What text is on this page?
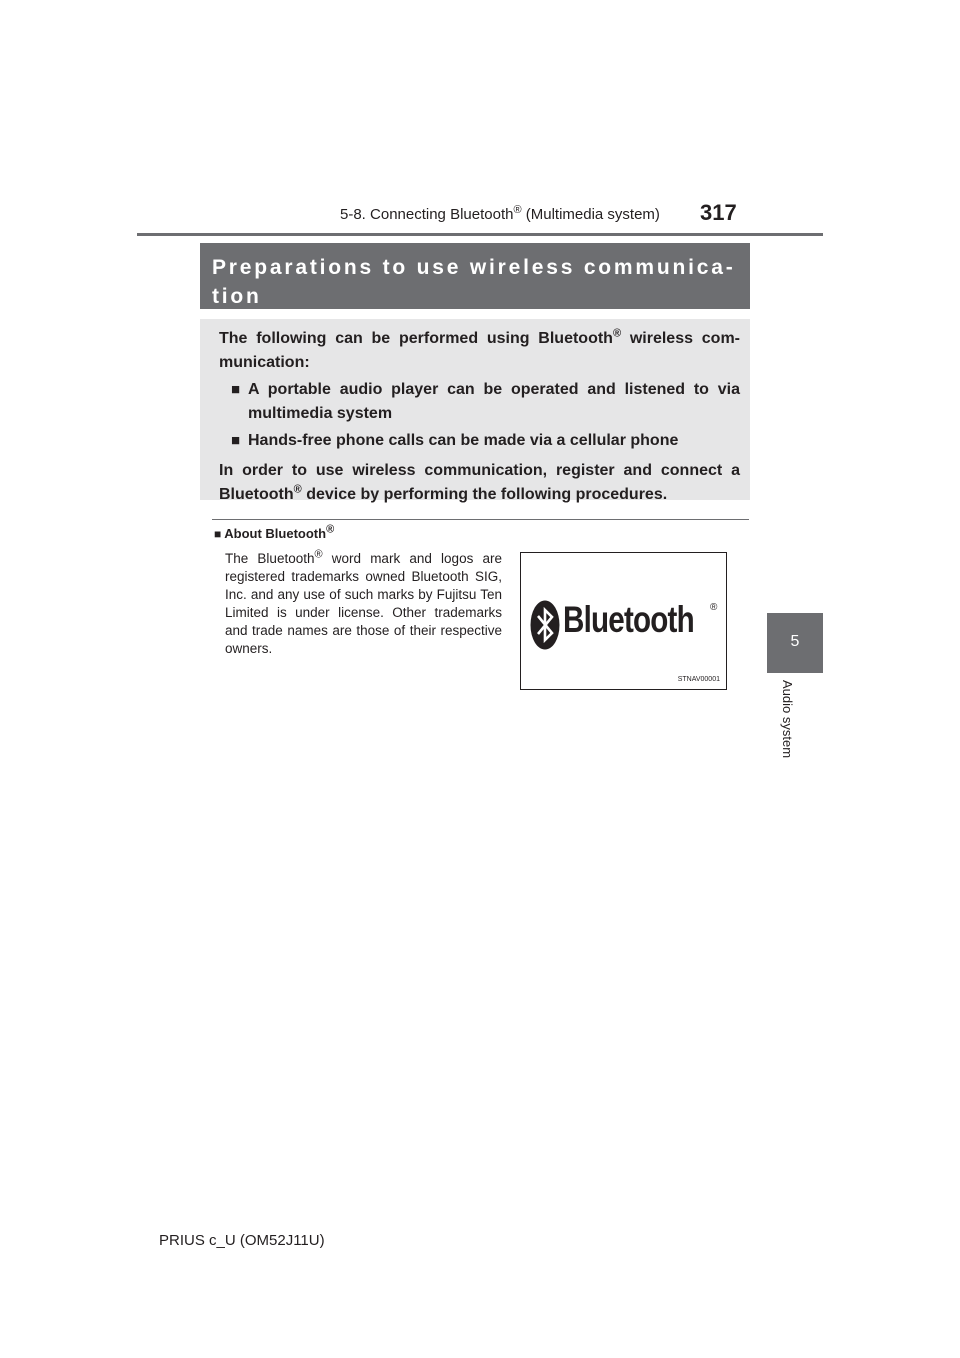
5-8. Connecting Bluetooth® (Multimedia system) 317
5
Audio system
Preparations to use wireless communica-tion

The following can be performed using Bluetooth® wireless com-munication:

■ A portable audio player can be operated and listened to via multimedia system
■ Hands-free phone calls can be made via a cellular phone

In order to use wireless communication, register and connect a Bluetooth® device by performing the following procedures.

■ About Bluetooth®
The Bluetooth® word mark and logos are registered trademarks owned Bluetooth SIG, Inc. and any use of such marks by Fujitsu Ten Limited is under license. Other trademarks and trade names are those of their respective owners.
Bluetooth ®
STNAV00001
PRIUS c_U (OM52J11U)
